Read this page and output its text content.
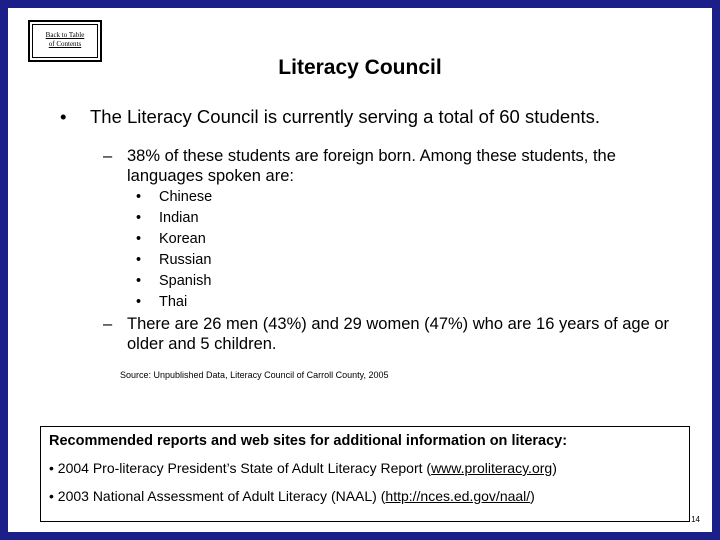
Back to Table
of Contents
Literacy Council
• The Literacy Council is currently serving a total of 60 students.
– 38% of these students are foreign born. Among these students, the languages spoken are:
• Chinese
• Indian
• Korean
• Russian
• Spanish
• Thai
– There are 26 men (43%) and 29 women (47%) who are 16 years of age or older and 5 children.
Source: Unpublished Data, Literacy Council of Carroll County, 2005
Recommended reports and web sites for additional information on literacy:
• 2004 Pro-literacy President’s State of Adult Literacy Report (www.proliteracy.org)
• 2003 National Assessment of Adult Literacy (NAAL) (http://nces.ed.gov/naal/)
14
